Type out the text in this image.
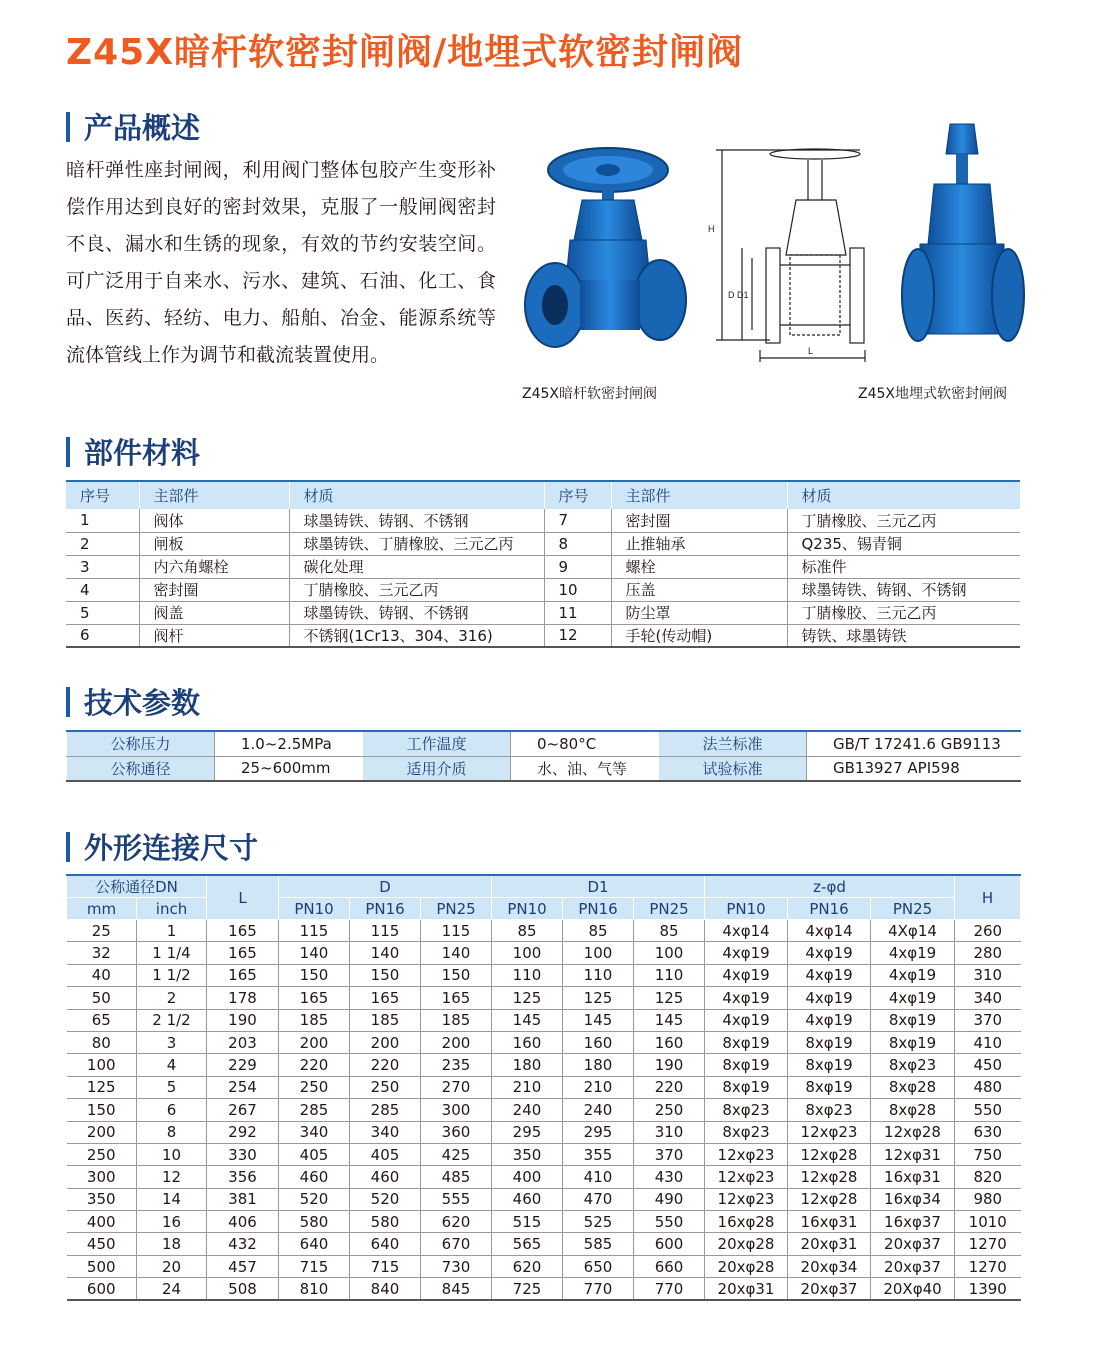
Z45X暗杆软密封闸阀/地埋式软密封闸阀
产品概述
暗杆弹性座封闸阀，利用阀门整体包胶产生变形补偿作用达到良好的密封效果，克服了一般闸阀密封不良、漏水和生锈的现象，有效的节约安装空间。可广泛用于自来水、污水、建筑、石油、化工、食品、医药、轻纺、电力、船舶、冶金、能源系统等流体管线上作为调节和截流装置使用。
H
D D1
L
Z45X暗杆软密封闸阀	Z45X地埋式软密封闸阀
部件材料
序号	主部件	材质	序号	主部件	材质
1	阀体	球墨铸铁、铸钢、不锈钢	7	密封圈	丁腈橡胶、三元乙丙
2	闸板	球墨铸铁、丁腈橡胶、三元乙丙	8	止推轴承	Q235、锡青铜
3	内六角螺栓	碳化处理	9	螺栓	标准件
4	密封圈	丁腈橡胶、三元乙丙	10	压盖	球墨铸铁、铸钢、不锈钢
5	阀盖	球墨铸铁、铸钢、不锈钢	11	防尘罩	丁腈橡胶、三元乙丙
6	阀杆	不锈钢(1Cr13、304、316)	12	手轮(传动帽)	铸铁、球墨铸铁
技术参数
公称压力	1.0~2.5MPa	工作温度	0~80°C	法兰标准	GB/T 17241.6 GB9113
公称通径	25~600mm	适用介质	水、油、气等	试验标准	GB13927 API598
外形连接尺寸
公称通径DN		L	D			D1			z-φd			H
mm	inch		PN10	PN16	PN25	PN10	PN16	PN25	PN10	PN16	PN25	
25	1	165	115	115	115	85	85	85	4xφ14	4xφ14	4Xφ14	260
32	1 1/4	165	140	140	140	100	100	100	4xφ19	4xφ19	4xφ19	280
40	1 1/2	165	150	150	150	110	110	110	4xφ19	4xφ19	4xφ19	310
50	2	178	165	165	165	125	125	125	4xφ19	4xφ19	4xφ19	340
65	2 1/2	190	185	185	185	145	145	145	4xφ19	4xφ19	8xφ19	370
80	3	203	200	200	200	160	160	160	8xφ19	8xφ19	8xφ19	410
100	4	229	220	220	235	180	180	190	8xφ19	8xφ19	8xφ23	450
125	5	254	250	250	270	210	210	220	8xφ19	8xφ19	8xφ28	480
150	6	267	285	285	300	240	240	250	8xφ23	8xφ23	8xφ28	550
200	8	292	340	340	360	295	295	310	8xφ23	12xφ23	12xφ28	630
250	10	330	405	405	425	350	355	370	12xφ23	12xφ28	12xφ31	750
300	12	356	460	460	485	400	410	430	12xφ23	12xφ28	16xφ31	820
350	14	381	520	520	555	460	470	490	12xφ23	12xφ28	16xφ34	980
400	16	406	580	580	620	515	525	550	16xφ28	16xφ31	16xφ37	1010
450	18	432	640	640	670	565	585	600	20xφ28	20xφ31	20xφ37	1270
500	20	457	715	715	730	620	650	660	20xφ28	20xφ34	20xφ37	1270
600	24	508	810	840	845	725	770	770	20xφ31	20xφ37	20Xφ40	1390
